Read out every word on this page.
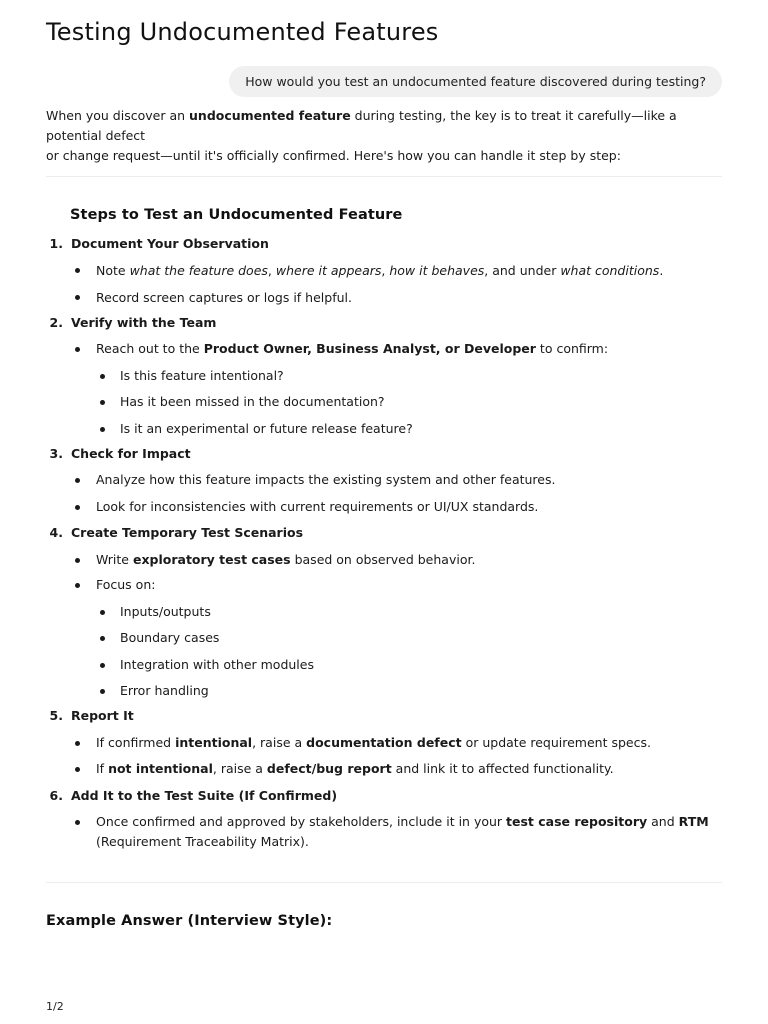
Testing Undocumented Features
How would you test an undocumented feature discovered during testing?

When you discover an undocumented feature during testing, the key is to treat it carefully—like a potential defect
or change request—until it's officially confirmed. Here's how you can handle it step by step:

Steps to Test an Undocumented Feature
1. Document Your Observation
Note what the feature does, where it appears, how it behaves, and under what conditions.
Record screen captures or logs if helpful.
2. Verify with the Team
Reach out to the Product Owner, Business Analyst, or Developer to confirm:
Is this feature intentional?
Has it been missed in the documentation?
Is it an experimental or future release feature?
3. Check for Impact
Analyze how this feature impacts the existing system and other features.
Look for inconsistencies with current requirements or UI/UX standards.
4. Create Temporary Test Scenarios
Write exploratory test cases based on observed behavior.
Focus on:
Inputs/outputs
Boundary cases
Integration with other modules
Error handling
5. Report It
If confirmed intentional, raise a documentation defect or update requirement specs.
If not intentional, raise a defect/bug report and link it to affected functionality.
6. Add It to the Test Suite (If Confirmed)
Once confirmed and approved by stakeholders, include it in your test case repository and RTM
(Requirement Traceability Matrix).
Example Answer (Interview Style):
1/2
